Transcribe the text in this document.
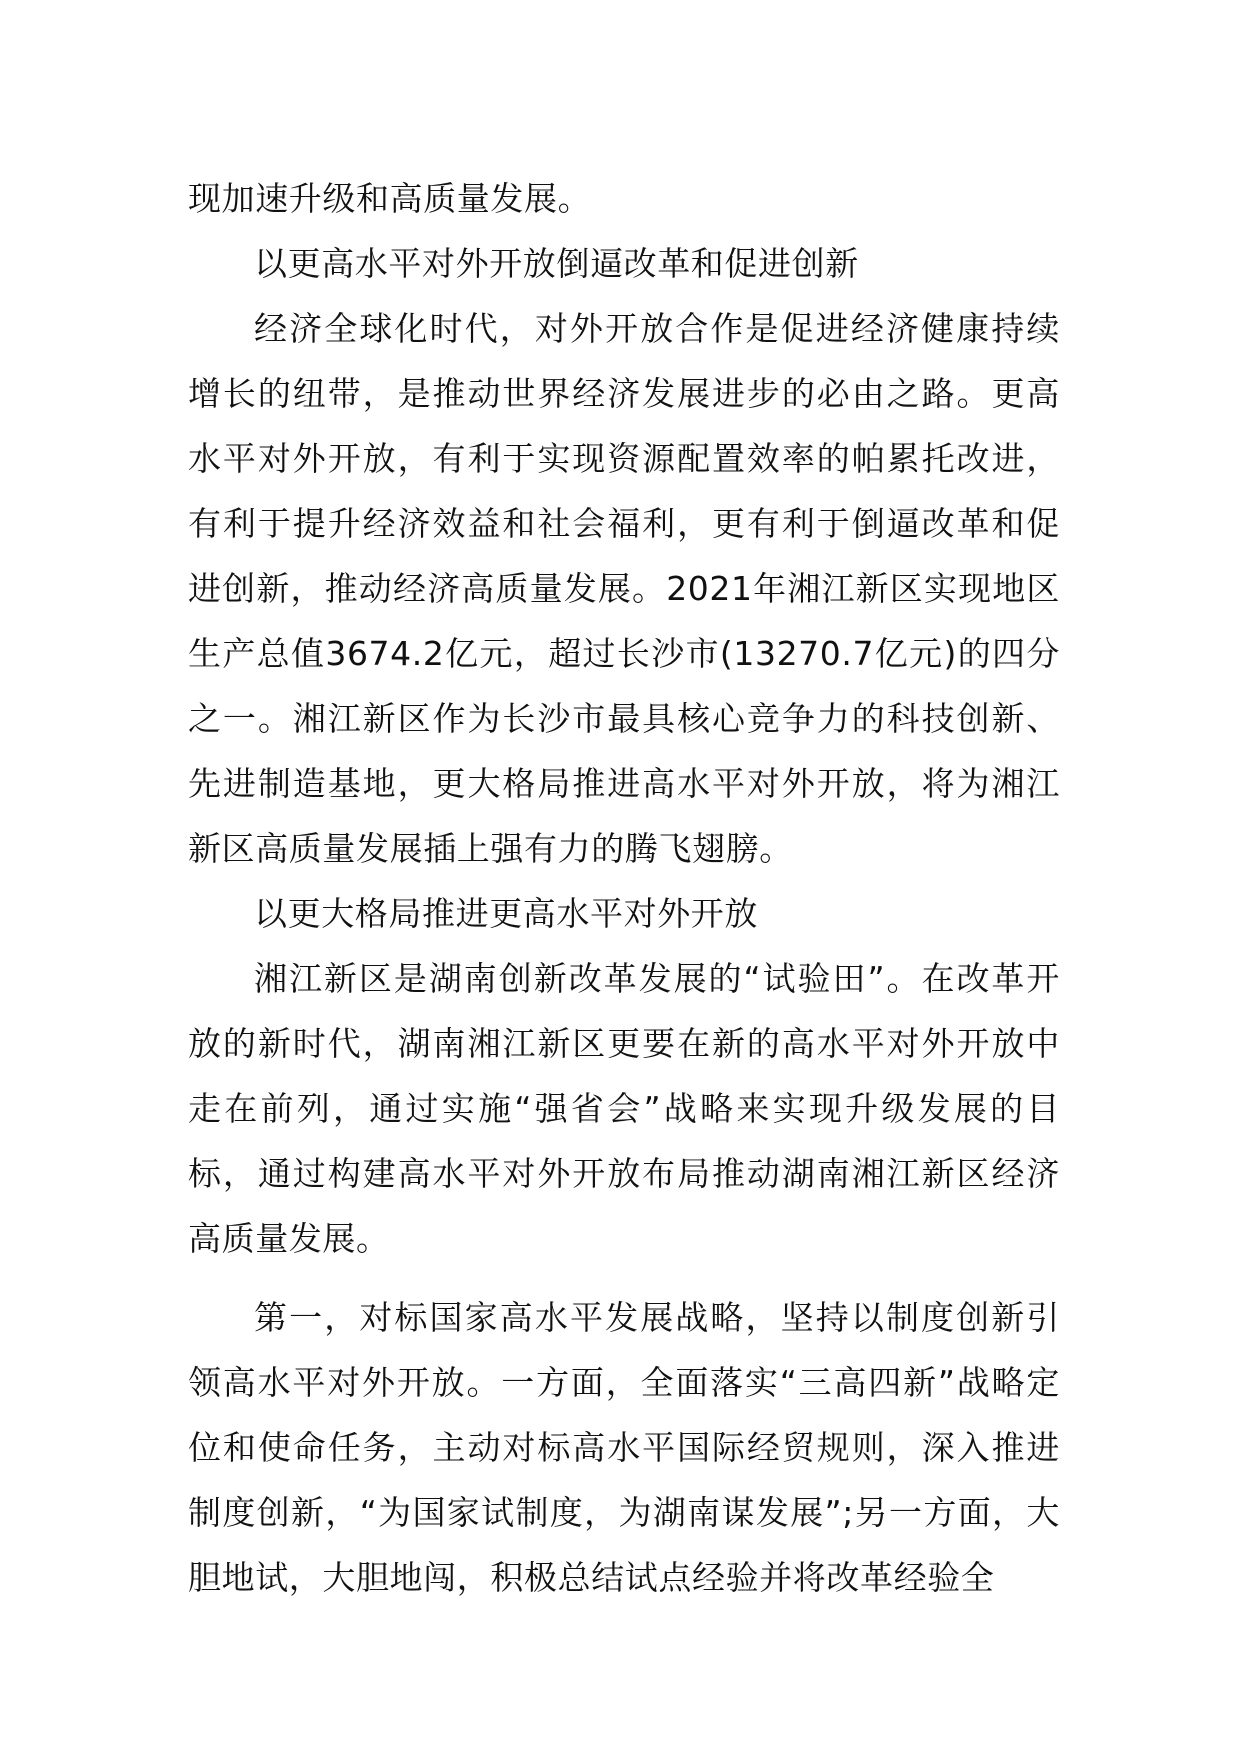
现加速升级和高质量发展。

以更高水平对外开放倒逼改革和促进创新

经济全球化时代，对外开放合作是促进经济健康持续增长的纽带，是推动世界经济发展进步的必由之路。更高水平对外开放，有利于实现资源配置效率的帕累托改进，有利于提升经济效益和社会福利，更有利于倒逼改革和促进创新，推动经济高质量发展。2021年湘江新区实现地区生产总值3674.2亿元，超过长沙市(13270.7亿元)的四分之一。湘江新区作为长沙市最具核心竞争力的科技创新、先进制造基地，更大格局推进高水平对外开放，将为湘江新区高质量发展插上强有力的腾飞翅膀。

以更大格局推进更高水平对外开放

湘江新区是湖南创新改革发展的“试验田”。在改革开放的新时代，湖南湘江新区更要在新的高水平对外开放中走在前列，通过实施“强省会”战略来实现升级发展的目标，通过构建高水平对外开放布局推动湖南湘江新区经济高质量发展。

第一，对标国家高水平发展战略，坚持以制度创新引领高水平对外开放。一方面，全面落实“三高四新”战略定位和使命任务，主动对标高水平国际经贸规则，深入推进制度创新，“为国家试制度，为湖南谋发展”;另一方面，大胆地试，大胆地闯，积极总结试点经验并将改革经验全
